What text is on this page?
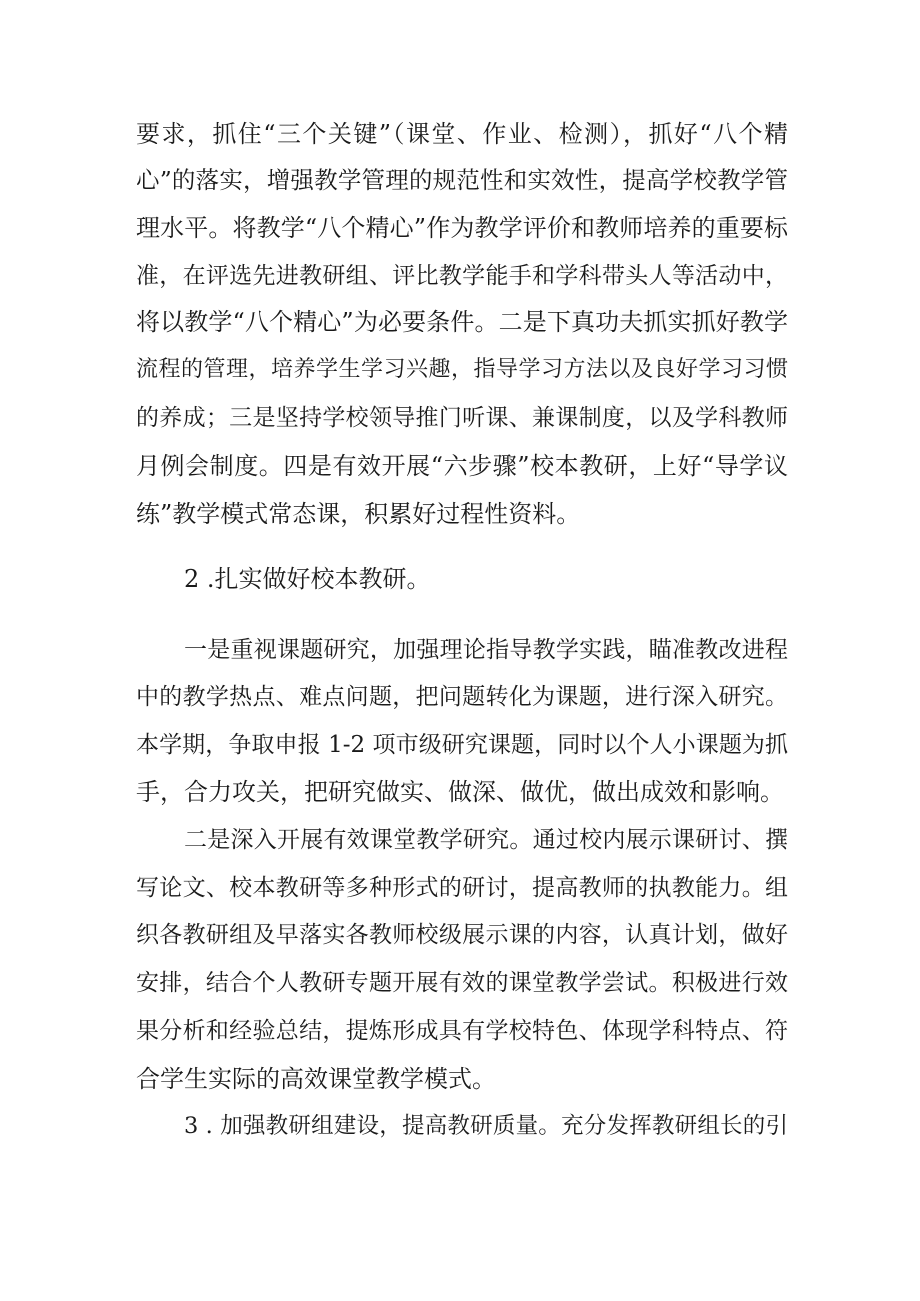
要求，抓住“三个关键”（课堂、作业、检测），抓好“八个精
心”的落实，增强教学管理的规范性和实效性，提高学校教学管
理水平。将教学“八个精心”作为教学评价和教师培养的重要标
准，在评选先进教研组、评比教学能手和学科带头人等活动中，
将以教学“八个精心”为必要条件。二是下真功夫抓实抓好教学
流程的管理，培养学生学习兴趣，指导学习方法以及良好学习习惯
的养成；三是坚持学校领导推门听课、兼课制度，以及学科教师
月例会制度。四是有效开展“六步骤”校本教研，上好“导学议
练”教学模式常态课，积累好过程性资料。
2 .扎实做好校本教研。
一是重视课题研究，加强理论指导教学实践，瞄准教改进程
中的教学热点、难点问题，把问题转化为课题，进行深入研究。
本学期，争取申报 1-2 项市级研究课题，同时以个人小课题为抓
手，合力攻关，把研究做实、做深、做优，做出成效和影响。
二是深入开展有效课堂教学研究。通过校内展示课研讨、撰
写论文、校本教研等多种形式的研讨，提高教师的执教能力。组
织各教研组及早落实各教师校级展示课的内容，认真计划，做好
安排，结合个人教研专题开展有效的课堂教学尝试。积极进行效
果分析和经验总结，提炼形成具有学校特色、体现学科特点、符
合学生实际的高效课堂教学模式。
3 . 加强教研组建设，提高教研质量。充分发挥教研组长的引
